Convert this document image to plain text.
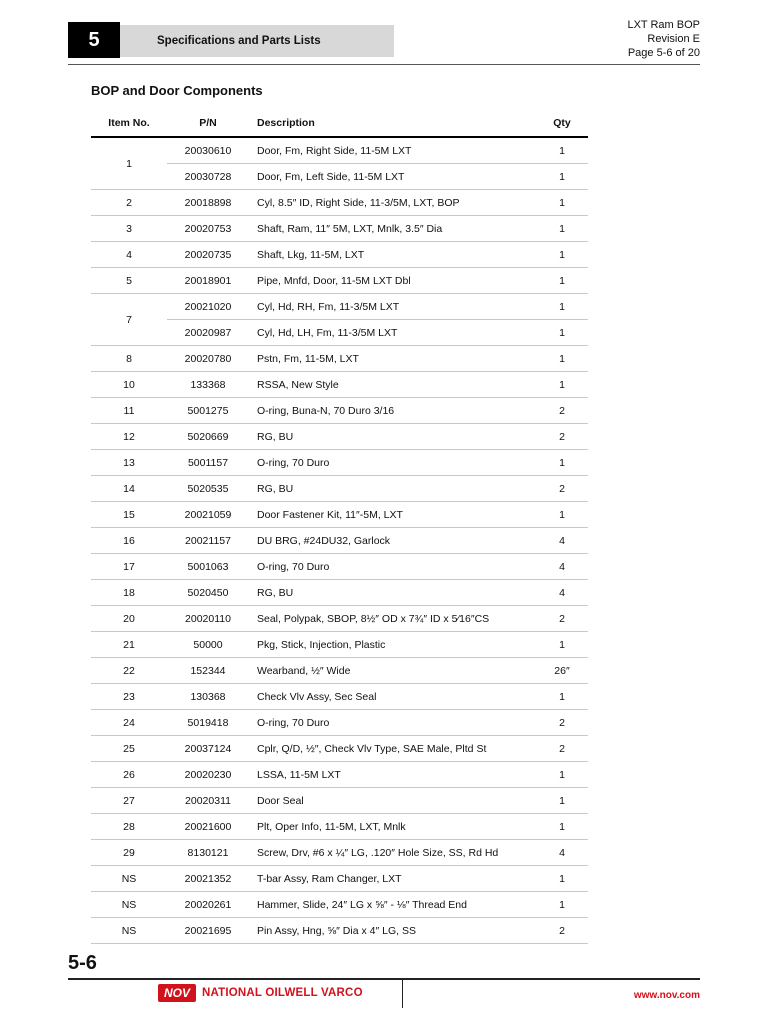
5	Specifications and Parts Lists
LXT Ram BOP
Revision E
Page 5-6 of 20
BOP and Door Components
Item No.	P/N	Description	Qty
1	20030610	Door, Fm, Right Side, 11-5M LXT	1
	20030728	Door, Fm, Left Side, 11-5M LXT	1
2	20018898	Cyl, 8.5″ ID, Right Side, 11-3/5M, LXT, BOP	1
3	20020753	Shaft, Ram, 11″ 5M, LXT, Mnlk, 3.5″ Dia	1
4	20020735	Shaft, Lkg, 11-5M, LXT	1
5	20018901	Pipe, Mnfd, Door, 11-5M LXT Dbl	1
7	20021020	Cyl, Hd, RH, Fm, 11-3/5M LXT	1
	20020987	Cyl, Hd, LH, Fm, 11-3/5M LXT	1
8	20020780	Pstn, Fm, 11-5M, LXT	1
10	133368	RSSA, New Style	1
11	5001275	O-ring, Buna-N, 70 Duro 3/16	2
12	5020669	RG, BU	2
13	5001157	O-ring, 70 Duro	1
14	5020535	RG, BU	2
15	20021059	Door Fastener Kit, 11″-5M, LXT	1
16	20021157	DU BRG, #24DU32, Garlock	4
17	5001063	O-ring, 70 Duro	4
18	5020450	RG, BU	4
20	20020110	Seal, Polypak, SBOP, 8½″ OD x 7¾″ ID x 5⁄16″CS	2
21	50000	Pkg, Stick, Injection, Plastic	1
22	152344	Wearband, ½″ Wide	26″
23	130368	Check Vlv Assy, Sec Seal	1
24	5019418	O-ring, 70 Duro	2
25	20037124	Cplr, Q/D, ½″, Check Vlv Type, SAE Male, Pltd St	2
26	20020230	LSSA, 11-5M LXT	1
27	20020311	Door Seal	1
28	20021600	Plt, Oper Info, 11-5M, LXT, Mnlk	1
29	8130121	Screw, Drv, #6 x ¼″ LG, .120″ Hole Size, SS, Rd Hd	4
NS	20021352	T-bar Assy, Ram Changer, LXT	1
NS	20020261	Hammer, Slide, 24″ LG x ⅝″ - ⅛″ Thread End	1
NS	20021695	Pin Assy, Hng, ⅝″ Dia x 4″ LG, SS	2
5-6
NOV	NATIONAL OILWELL VARCO	www.nov.com
